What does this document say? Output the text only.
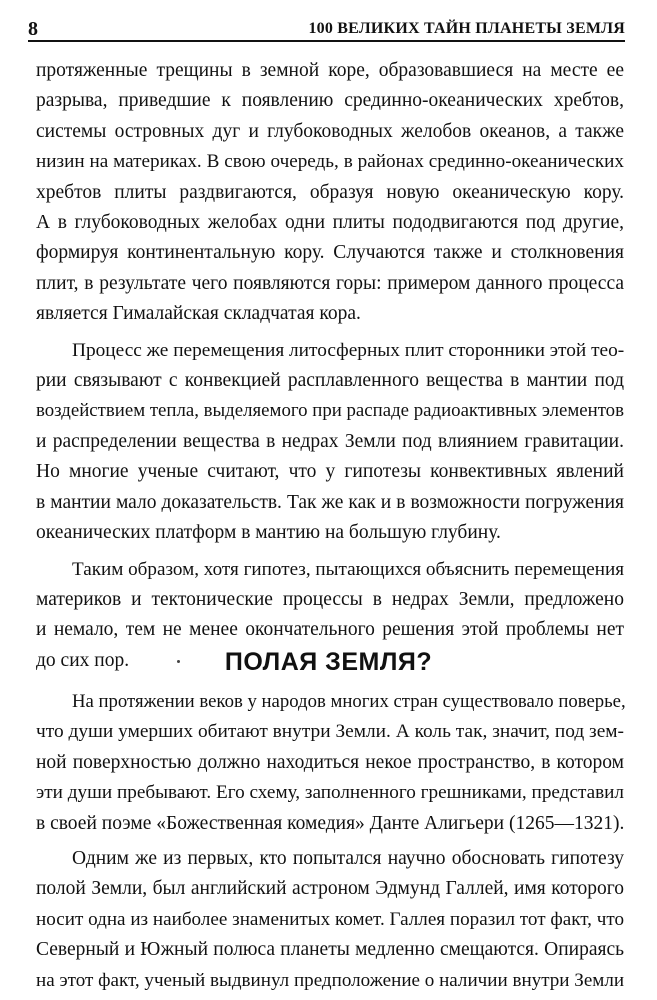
8	100 ВЕЛИКИХ ТАЙН ПЛАНЕТЫ ЗЕМЛЯ

протяженные трещины в земной коре, образовавшиеся на месте ее
разрыва, приведшие к появлению срединно-океанических хребтов,
системы островных дуг и глубоководных желобов океанов, а также
низин на материках. В свою очередь, в районах срединно-океанических
хребтов плиты раздвигаются, образуя новую океаническую кору.
А в глубоководных желобах одни плиты пододвигаются под другие,
формируя континентальную кору. Случаются также и столкновения
плит, в результате чего появляются горы: примером данного процесса
является Гималайская складчатая кора.

Процесс же перемещения литосферных плит сторонники этой тео-
рии связывают с конвекцией расплавленного вещества в мантии под
воздействием тепла, выделяемого при распаде радиоактивных элементов
и распределении вещества в недрах Земли под влиянием гравитации.
Но многие ученые считают, что у гипотезы конвективных явлений
в мантии мало доказательств. Так же как и в возможности погружения
океанических платформ в мантию на большую глубину.

Таким образом, хотя гипотез, пытающихся объяснить перемещения
материков и тектонические процессы в недрах Земли, предложено
и немало, тем не менее окончательного решения этой проблемы нет
до сих пор.	ПОЛАЯ ЗЕМЛЯ?

На протяжении веков у народов многих стран существовало поверье,
что души умерших обитают внутри Земли. А коль так, значит, под зем-
ной поверхностью должно находиться некое пространство, в котором
эти души пребывают. Его схему, заполненного грешниками, представил
в своей поэме «Божественная комедия» Данте Алигьери (1265—1321).

Одним же из первых, кто попытался научно обосновать гипотезу
полой Земли, был английский астроном Эдмунд Галлей, имя которого
носит одна из наиболее знаменитых комет. Галлея поразил тот факт, что
Северный и Южный полюса планеты медленно смещаются. Опираясь
на этот факт, ученый выдвинул предположение о наличии внутри Земли
